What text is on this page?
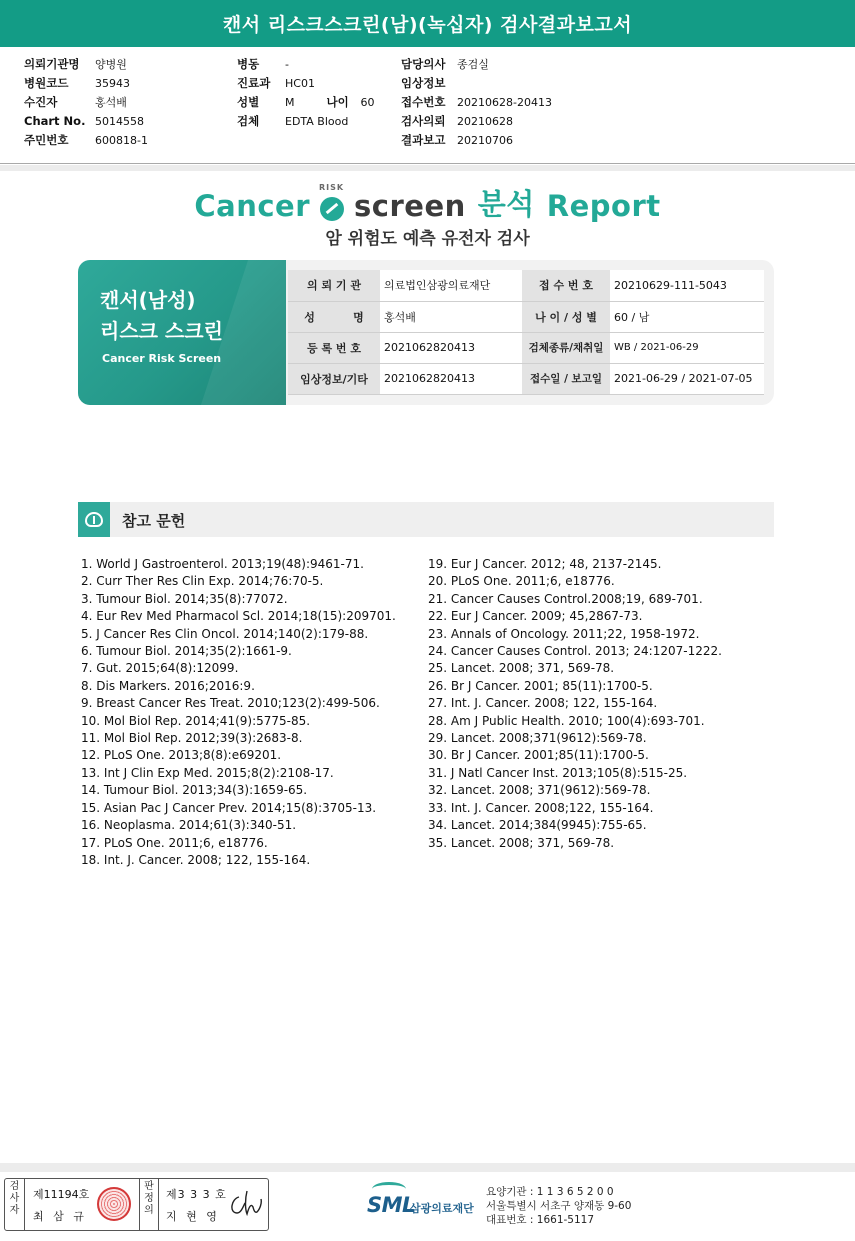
캔서 리스크스크린(남)(녹십자) 검사결과보고서
의뢰기관명	양병원
병원코드	35943
수진자	홍석배
Chart No. 5014558
주민번호	600818-1
병동	-
진료과	HC01
성별	M	나이	60
검체	EDTA Blood
담당의사	종검실
임상정보
접수번호	20210628-20413
검사의뢰	20210628
결과보고	20210706
Cancer
RISK
screen 분석 Report
암 위험도 예측 유전자 검사
캔서(남성)
리스크 스크린
Cancer Risk Screen
의 뢰 기 관	의료법인삼광의료재단	접 수 번 호	20210629-111-5043
성          명	홍석배	나 이 / 성 별	60 / 남
등 록 번 호	2021062820413	검체종류/채취일	WB / 2021-06-29
임상정보/기타	2021062820413	접수일 / 보고일	2021-06-29 / 2021-07-05
참고 문헌
1. World J Gastroenterol. 2013;19(48):9461-71.
2. Curr Ther Res Clin Exp. 2014;76:70-5.
3. Tumour Biol. 2014;35(8):77072.
4. Eur Rev Med Pharmacol Scl. 2014;18(15):209701.
5. J Cancer Res Clin Oncol. 2014;140(2):179-88.
6. Tumour Biol. 2014;35(2):1661-9.
7. Gut. 2015;64(8):12099.
8. Dis Markers. 2016;2016:9.
9. Breast Cancer Res Treat. 2010;123(2):499-506.
10. Mol Biol Rep. 2014;41(9):5775-85.
11. Mol Biol Rep. 2012;39(3):2683-8.
12. PLoS One. 2013;8(8):e69201.
13. Int J Clin Exp Med. 2015;8(2):2108-17.
14. Tumour Biol. 2013;34(3):1659-65.
15. Asian Pac J Cancer Prev. 2014;15(8):3705-13.
16. Neoplasma. 2014;61(3):340-51.
17. PLoS One. 2011;6, e18776.
18. Int. J. Cancer. 2008; 122, 155-164.
19. Eur J Cancer. 2012; 48, 2137-2145.
20. PLoS One. 2011;6, e18776.
21. Cancer Causes Control.2008;19, 689-701.
22. Eur J Cancer. 2009; 45,2867-73.
23. Annals of Oncology. 2011;22, 1958-1972.
24. Cancer Causes Control. 2013; 24:1207-1222.
25. Lancet. 2008; 371, 569-78.
26. Br J Cancer. 2001; 85(11):1700-5.
27. Int. J. Cancer. 2008; 122, 155-164.
28. Am J Public Health. 2010; 100(4):693-701.
29. Lancet. 2008;371(9612):569-78.
30. Br J Cancer. 2001;85(11):1700-5.
31. J Natl Cancer Inst. 2013;105(8):515-25.
32. Lancet. 2008; 371(9612):569-78.
33. Int. J. Cancer. 2008;122, 155-164.
34. Lancet. 2014;384(9945):755-65.
35. Lancet. 2008; 371, 569-78.
검사자
제11194호
최 삼 규
판정의
제3 3 3 호
지 현 영	SML
삼광의료재단
요양기관 : 1 1 3 6 5 2 0 0
서울특별시 서초구 양재동 9-60
대표번호 : 1661-5117
